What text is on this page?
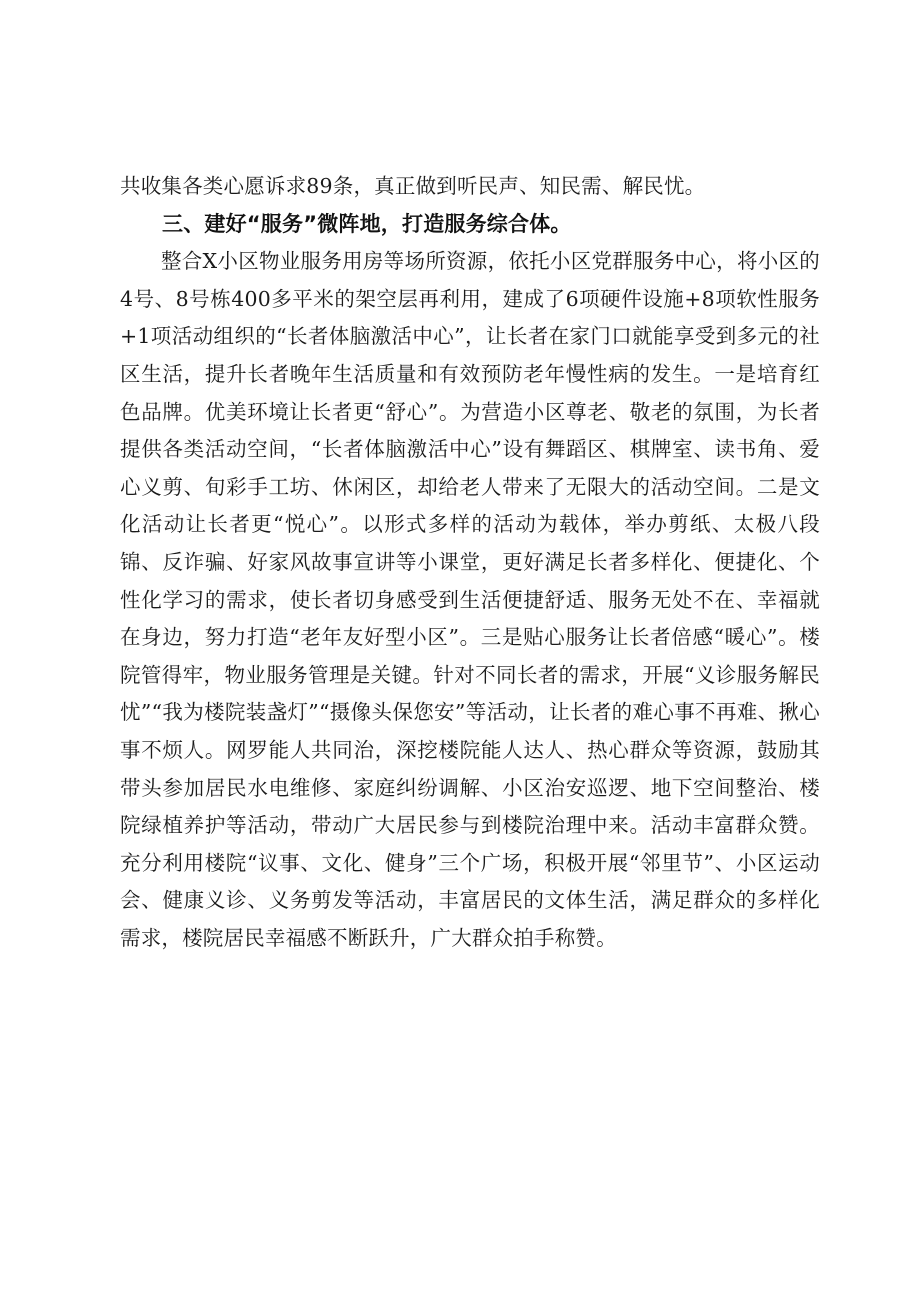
共收集各类心愿诉求89条，真正做到听民声、知民需、解民忧。

三、建好“服务”微阵地，打造服务综合体。

整合X小区物业服务用房等场所资源，依托小区党群服务中心，将小区的4号、8号栋400多平米的架空层再利用，建成了6项硬件设施+8项软性服务+1项活动组织的“长者体脑激活中心”，让长者在家门口就能享受到多元的社区生活，提升长者晚年生活质量和有效预防老年慢性病的发生。一是培育红色品牌。优美环境让长者更“舒心”。为营造小区尊老、敬老的氛围，为长者提供各类活动空间，“长者体脑激活中心”设有舞蹈区、棋牌室、读书角、爱心义剪、旬彩手工坊、休闲区，却给老人带来了无限大的活动空间。二是文化活动让长者更“悦心”。以形式多样的活动为载体，举办剪纸、太极八段锦、反诈骗、好家风故事宣讲等小课堂，更好满足长者多样化、便捷化、个性化学习的需求，使长者切身感受到生活便捷舒适、服务无处不在、幸福就在身边，努力打造“老年友好型小区”。三是贴心服务让长者倍感“暖心”。楼院管得牢，物业服务管理是关键。针对不同长者的需求，开展“义诊服务解民忧”“我为楼院装盏灯”“摄像头保您安”等活动，让长者的难心事不再难、揪心事不烦人。网罗能人共同治，深挖楼院能人达人、热心群众等资源，鼓励其带头参加居民水电维修、家庭纠纷调解、小区治安巡逻、地下空间整治、楼院绿植养护等活动，带动广大居民参与到楼院治理中来。活动丰富群众赞。充分利用楼院“议事、文化、健身”三个广场，积极开展“邻里节”、小区运动会、健康义诊、义务剪发等活动，丰富居民的文体生活，满足群众的多样化需求，楼院居民幸福感不断跃升，广大群众拍手称赞。
